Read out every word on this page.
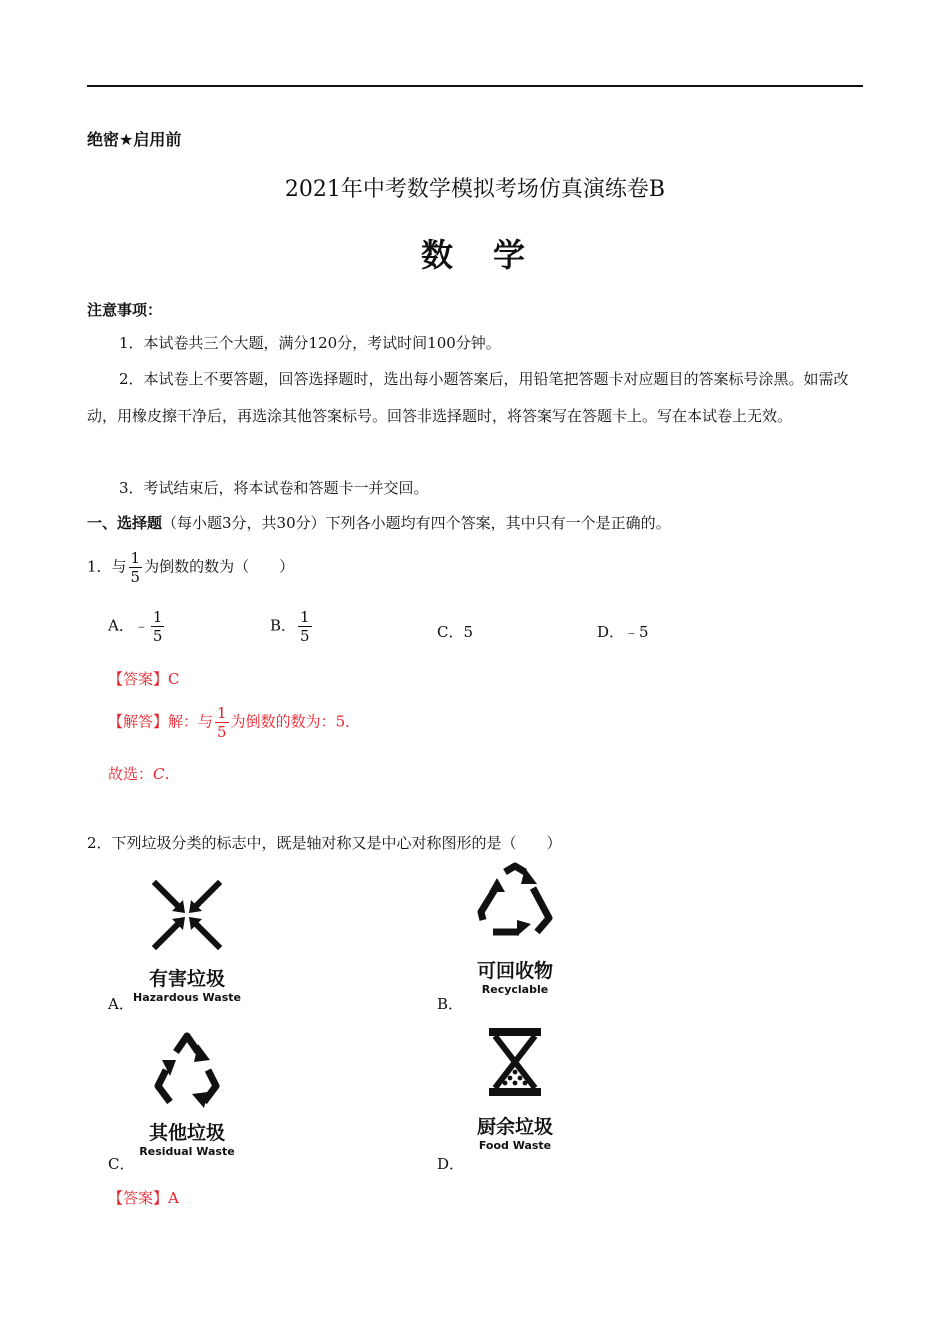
绝密★启用前
2021年中考数学模拟考场仿真演练卷B
数　学
注意事项：
1．本试卷共三个大题，满分120分，考试时间100分钟。
2．本试卷上不要答题，回答选择题时，选出每小题答案后，用铅笔把答题卡对应题目的答案标号涂黑。如需改动，用橡皮擦干净后，再选涂其他答案标号。回答非选择题时，将答案写在答题卡上。写在本试卷上无效。
3．考试结束后，将本试卷和答题卡一并交回。
一、选择题（每小题3分，共30分）下列各小题均有四个答案，其中只有一个是正确的。
1．与 $\frac{1}{5}$ 为倒数的数为（　　）
A．﹣ $\frac{1}{5}$	B． $\frac{1}{5}$	C．5	D．﹣5
【答案】C
【解答】解：与 $\frac{1}{5}$ 为倒数的数为：5．
故选：C．
2．下列垃圾分类的标志中，既是轴对称又是中心对称图形的是（　　）
A．
有害垃圾
Hazardous Waste	B．
可回收物
Recyclable
C．
其他垃圾
Residual Waste
D．
厨余垃圾
Food Waste
【答案】A
